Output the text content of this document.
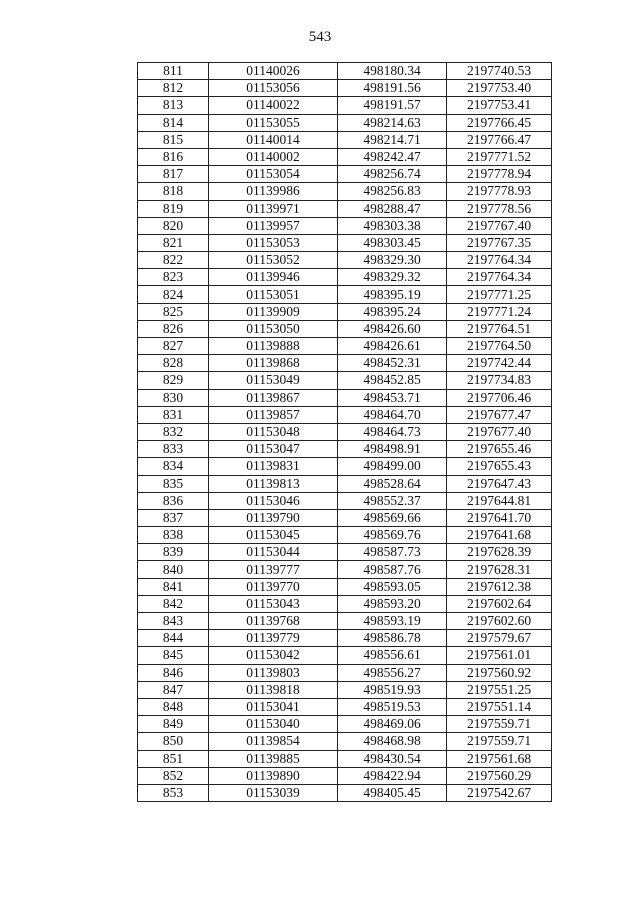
543
811	01140026	498180.34	2197740.53
812	01153056	498191.56	2197753.40
813	01140022	498191.57	2197753.41
814	01153055	498214.63	2197766.45
815	01140014	498214.71	2197766.47
816	01140002	498242.47	2197771.52
817	01153054	498256.74	2197778.94
818	01139986	498256.83	2197778.93
819	01139971	498288.47	2197778.56
820	01139957	498303.38	2197767.40
821	01153053	498303.45	2197767.35
822	01153052	498329.30	2197764.34
823	01139946	498329.32	2197764.34
824	01153051	498395.19	2197771.25
825	01139909	498395.24	2197771.24
826	01153050	498426.60	2197764.51
827	01139888	498426.61	2197764.50
828	01139868	498452.31	2197742.44
829	01153049	498452.85	2197734.83
830	01139867	498453.71	2197706.46
831	01139857	498464.70	2197677.47
832	01153048	498464.73	2197677.40
833	01153047	498498.91	2197655.46
834	01139831	498499.00	2197655.43
835	01139813	498528.64	2197647.43
836	01153046	498552.37	2197644.81
837	01139790	498569.66	2197641.70
838	01153045	498569.76	2197641.68
839	01153044	498587.73	2197628.39
840	01139777	498587.76	2197628.31
841	01139770	498593.05	2197612.38
842	01153043	498593.20	2197602.64
843	01139768	498593.19	2197602.60
844	01139779	498586.78	2197579.67
845	01153042	498556.61	2197561.01
846	01139803	498556.27	2197560.92
847	01139818	498519.93	2197551.25
848	01153041	498519.53	2197551.14
849	01153040	498469.06	2197559.71
850	01139854	498468.98	2197559.71
851	01139885	498430.54	2197561.68
852	01139890	498422.94	2197560.29
853	01153039	498405.45	2197542.67
